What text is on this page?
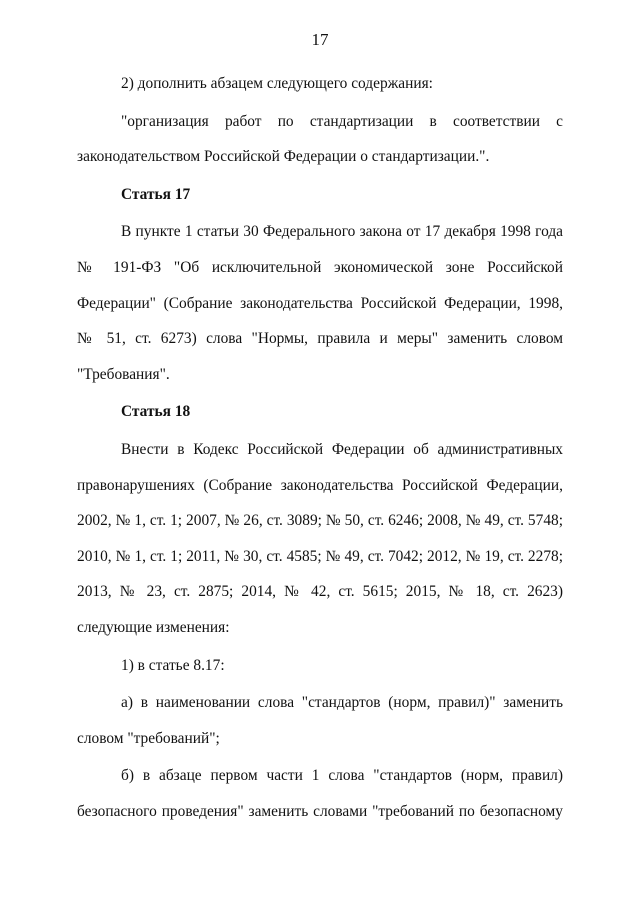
17
2) дополнить абзацем следующего содержания:
"организация работ по стандартизации в соответствии с
законодательством Российской Федерации о стандартизации.".
Статья 17
В пункте 1 статьи 30 Федерального закона от 17 декабря 1998 года
№ 191-ФЗ "Об исключительной экономической зоне Российской
Федерации" (Собрание законодательства Российской Федерации, 1998,
№ 51, ст. 6273) слова "Нормы, правила и меры" заменить словом
"Требования".
Статья 18
Внести в Кодекс Российской Федерации об административных
правонарушениях (Собрание законодательства Российской Федерации,
2002, № 1, ст. 1; 2007, № 26, ст. 3089; № 50, ст. 6246; 2008, № 49, ст. 5748;
2010, № 1, ст. 1; 2011, № 30, ст. 4585; № 49, ст. 7042; 2012, № 19, ст. 2278;
2013, № 23, ст. 2875; 2014, № 42, ст. 5615; 2015, № 18, ст. 2623)
следующие изменения:
1) в статье 8.17:
а) в наименовании слова "стандартов (норм, правил)" заменить
словом "требований";
б) в абзаце первом части 1 слова "стандартов (норм, правил)
безопасного проведения" заменить словами "требований по безопасному
